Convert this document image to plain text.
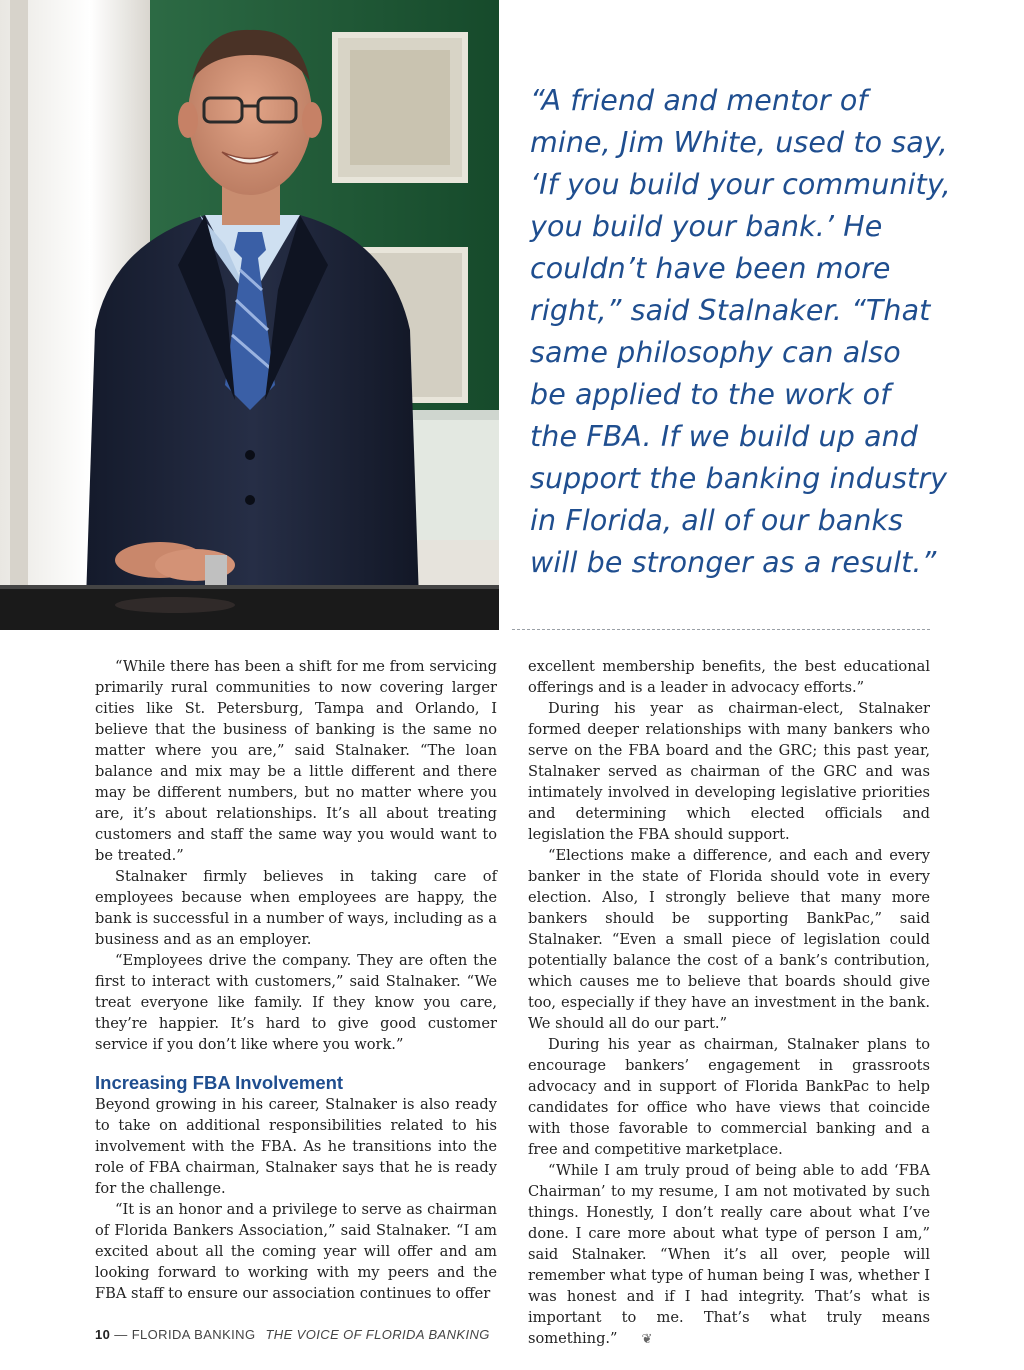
“A friend and mentor of
mine, Jim White, used to say,
‘If you build your community,
you build your bank.’ He
couldn’t have been more
right,” said Stalnaker. “That
same philosophy can also
be applied to the work of
the FBA. If we build up and
support the banking industry
in Florida, all of our banks
will be stronger as a result.”

“While there has been a shift for me from servicing primarily rural communities to now covering larger cities like St. Petersburg, Tampa and Orlando, I believe that the business of banking is the same no matter where you are,” said Stalnaker. “The loan balance and mix may be a little different and there may be different numbers, but no matter where you are, it’s about relationships. It’s all about treating customers and staff the same way you would want to be treated.”

Stalnaker firmly believes in taking care of employees because when employees are happy, the bank is successful in a number of ways, including as a business and as an employer.

“Employees drive the company. They are often the first to interact with customers,” said Stalnaker. “We treat everyone like family. If they know you care, they’re happier. It’s hard to give good customer service if you don’t like where you work.”

Increasing FBA Involvement

Beyond growing in his career, Stalnaker is also ready to take on additional responsibilities related to his involvement with the FBA. As he transitions into the role of FBA chairman, Stalnaker says that he is ready for the challenge.

“It is an honor and a privilege to serve as chairman of Florida Bankers Association,” said Stalnaker. “I am excited about all the coming year will offer and am looking forward to working with my peers and the FBA staff to ensure our association continues to offer

excellent membership benefits, the best educational offerings and is a leader in advocacy efforts.”

During his year as chairman-elect, Stalnaker formed deeper relationships with many bankers who serve on the FBA board and the GRC; this past year, Stalnaker served as chairman of the GRC and was intimately involved in developing legislative priorities and determining which elected officials and legislation the FBA should support.

“Elections make a difference, and each and every banker in the state of Florida should vote in every election. Also, I strongly believe that many more bankers should be supporting BankPac,” said Stalnaker. “Even a small piece of legislation could potentially balance the cost of a bank’s contribution, which causes me to believe that boards should give too, especially if they have an investment in the bank. We should all do our part.”

During his year as chairman, Stalnaker plans to encourage bankers’ engagement in grassroots advocacy and in support of Florida BankPac to help candidates for office who have views that coincide with those favorable to commercial banking and a free and competitive marketplace.

“While I am truly proud of being able to add ‘FBA Chairman’ to my resume, I am not motivated by such things. Honestly, I don’t really care about what I’ve done. I care more about what type of person I am,” said Stalnaker. “When it’s all over, people will remember what type of human being I was, whether I was honest and if I had integrity. That’s what is important to me. That’s what truly means something.” ❦

10 — FLORIDA BANKING THE VOICE OF FLORIDA BANKING
